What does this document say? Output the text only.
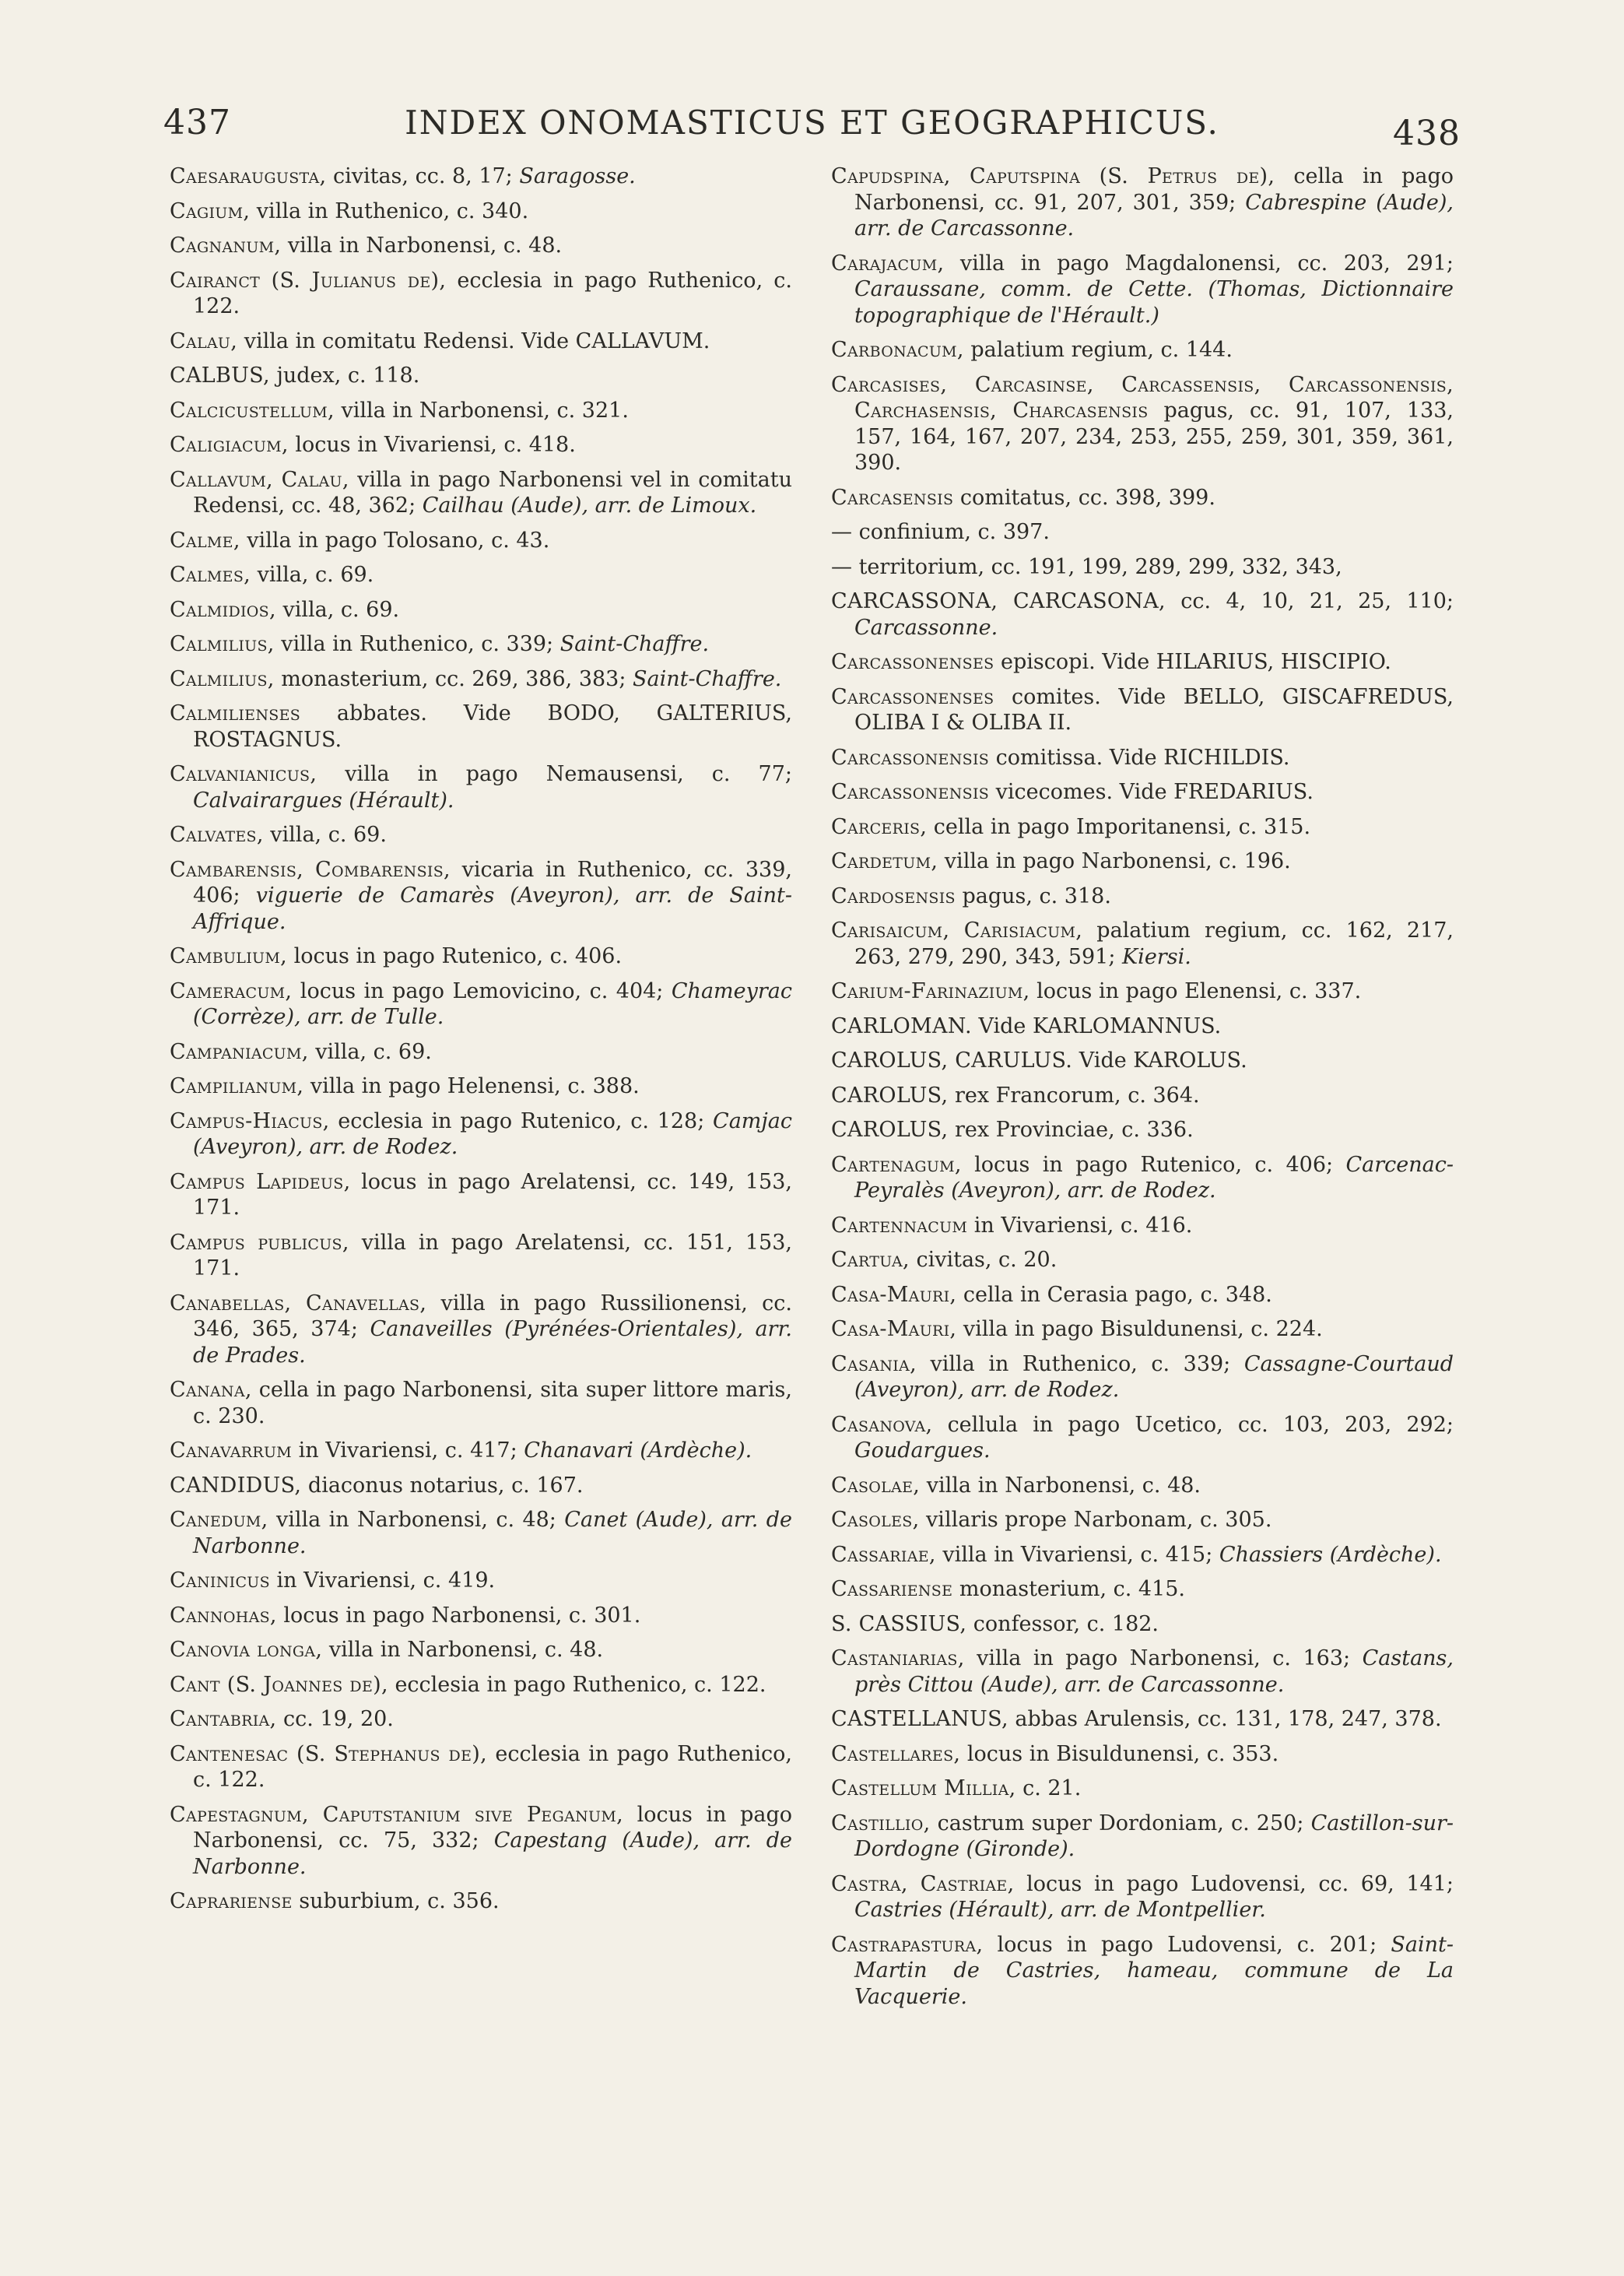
437	INDEX ONOMASTICUS ET GEOGRAPHICUS.	438
Caesaraugusta, civitas, cc. 8, 17; Saragosse.
Cagium, villa in Ruthenico, c. 340.
Cagnanum, villa in Narbonensi, c. 48.
Cairanct (S. Julianus de), ecclesia in pago Ruthenico, c. 122.
Calau, villa in comitatu Redensi. Vide CALLAVUM.
CALBUS, judex, c. 118.
Calcicustellum, villa in Narbonensi, c. 321.
Caligiacum, locus in Vivariensi, c. 418.
Callavum, Calau, villa in pago Narbonensi vel in comitatu Redensi, cc. 48, 362; Cailhau (Aude), arr. de Limoux.
Calme, villa in pago Tolosano, c. 43.
Calmes, villa, c. 69.
Calmidios, villa, c. 69.
Calmilius, villa in Ruthenico, c. 339; Saint-Chaffre.
Calmilius, monasterium, cc. 269, 386, 383; Saint-Chaffre.
Calmilienses abbates. Vide BODO, GALTERIUS, ROSTAGNUS.
Calvanianicus, villa in pago Nemausensi, c. 77; Calvairargues (Hérault).
Calvates, villa, c. 69.
Cambarensis, Combarensis, vicaria in Ruthenico, cc. 339, 406; viguerie de Camarès (Aveyron), arr. de Saint-Affrique.
Cambulium, locus in pago Rutenico, c. 406.
Cameracum, locus in pago Lemovicino, c. 404; Chameyrac (Corrèze), arr. de Tulle.
Campaniacum, villa, c. 69.
Campilianum, villa in pago Helenensi, c. 388.
Campus-Hiacus, ecclesia in pago Rutenico, c. 128; Camjac (Aveyron), arr. de Rodez.
Campus Lapideus, locus in pago Arelatensi, cc. 149, 153, 171.
Campus publicus, villa in pago Arelatensi, cc. 151, 153, 171.
Canabellas, Canavellas, villa in pago Russilionensi, cc. 346, 365, 374; Canaveilles (Pyrénées-Orientales), arr. de Prades.
Canana, cella in pago Narbonensi, sita super littore maris, c. 230.
Canavarrum in Vivariensi, c. 417; Chanavari (Ardèche).
CANDIDUS, diaconus notarius, c. 167.
Canedum, villa in Narbonensi, c. 48; Canet (Aude), arr. de Narbonne.
Caninicus in Vivariensi, c. 419.
Cannohas, locus in pago Narbonensi, c. 301.
Canovia longa, villa in Narbonensi, c. 48.
Cant (S. Joannes de), ecclesia in pago Ruthenico, c. 122.
Cantabria, cc. 19, 20.
Cantenesac (S. Stephanus de), ecclesia in pago Ruthenico, c. 122.
Capestagnum, Caputstanium sive Peganum, locus in pago Narbonensi, cc. 75, 332; Capestang (Aude), arr. de Narbonne.
Caprariense suburbium, c. 356.
Capudspina, Caputspina (S. Petrus de), cella in pago Narbonensi, cc. 91, 207, 301, 359; Cabrespine (Aude), arr. de Carcassonne.
Carajacum, villa in pago Magdalonensi, cc. 203, 291; Caraussane, comm. de Cette. (Thomas, Dictionnaire topographique de l'Hérault.)
Carbonacum, palatium regium, c. 144.
Carcasises, Carcasinse, Carcassensis, Carcassonensis, Carchasensis, Charcasensis pagus, cc. 91, 107, 133, 157, 164, 167, 207, 234, 253, 255, 259, 301, 359, 361, 390.
Carcasensis comitatus, cc. 398, 399.
— confinium, c. 397.
— territorium, cc. 191, 199, 289, 299, 332, 343,
CARCASSONA, CARCASONA, cc. 4, 10, 21, 25, 110; Carcassonne.
Carcassonenses episcopi. Vide HILARIUS, HISCIPIO.
Carcassonenses comites. Vide BELLO, GISCAFREDUS, OLIBA I & OLIBA II.
Carcassonensis comitissa. Vide RICHILDIS.
Carcassonensis vicecomes. Vide FREDARIUS.
Carceris, cella in pago Imporitanensi, c. 315.
Cardetum, villa in pago Narbonensi, c. 196.
Cardosensis pagus, c. 318.
Carisaicum, Carisiacum, palatium regium, cc. 162, 217, 263, 279, 290, 343, 591; Kiersi.
Carium-Farinazium, locus in pago Elenensi, c. 337.
CARLOMAN. Vide KARLOMANNUS.
CAROLUS, CARULUS. Vide KAROLUS.
CAROLUS, rex Francorum, c. 364.
CAROLUS, rex Provinciae, c. 336.
Cartenagum, locus in pago Rutenico, c. 406; Carcenac-Peyralès (Aveyron), arr. de Rodez.
Cartennacum in Vivariensi, c. 416.
Cartua, civitas, c. 20.
Casa-Mauri, cella in Cerasia pago, c. 348.
Casa-Mauri, villa in pago Bisuldunensi, c. 224.
Casania, villa in Ruthenico, c. 339; Cassagne-Courtaud (Aveyron), arr. de Rodez.
Casanova, cellula in pago Ucetico, cc. 103, 203, 292; Goudargues.
Casolae, villa in Narbonensi, c. 48.
Casoles, villaris prope Narbonam, c. 305.
Cassariae, villa in Vivariensi, c. 415; Chassiers (Ardèche).
Cassariense monasterium, c. 415.
S. CASSIUS, confessor, c. 182.
Castaniarias, villa in pago Narbonensi, c. 163; Castans, près Cittou (Aude), arr. de Carcassonne.
CASTELLANUS, abbas Arulensis, cc. 131, 178, 247, 378.
Castellares, locus in Bisuldunensi, c. 353.
Castellum Millia, c. 21.
Castillio, castrum super Dordoniam, c. 250; Castillon-sur-Dordogne (Gironde).
Castra, Castriae, locus in pago Ludovensi, cc. 69, 141; Castries (Hérault), arr. de Montpellier.
Castrapastura, locus in pago Ludovensi, c. 201; Saint-Martin de Castries, hameau, commune de La Vacquerie.
